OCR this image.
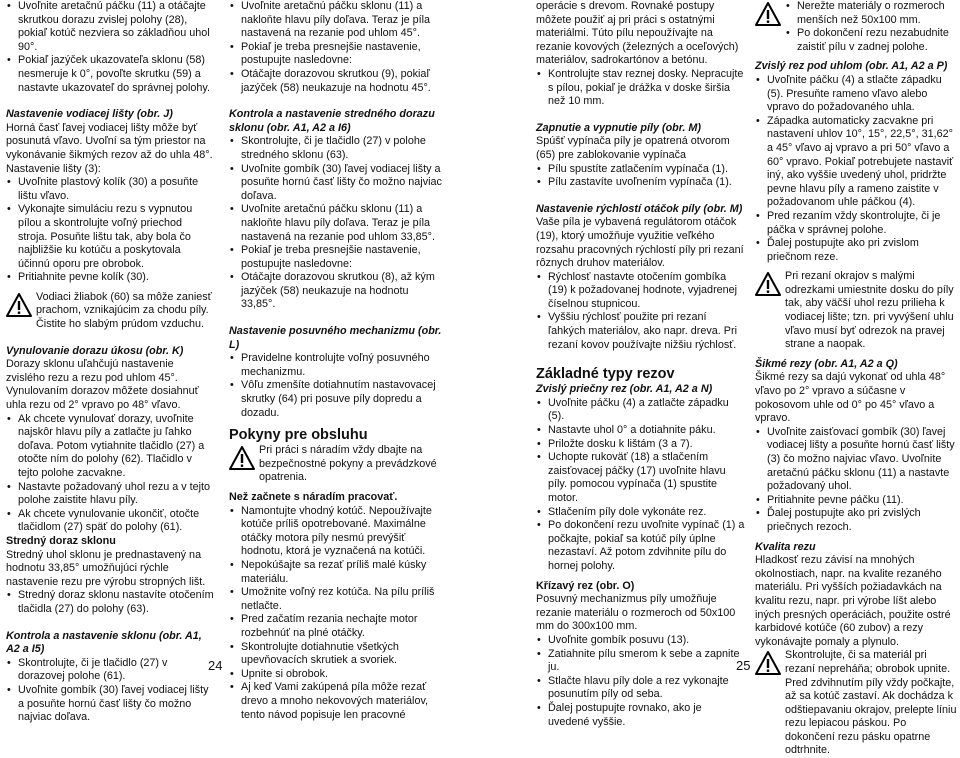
• Uvoľnite aretačnú páčku (11) a otáčajte skrutkou dorazu zvislej polohy (28), pokiaľ kotúč nezviera so základňou uhol 90°.
• Pokiaľ jazýček ukazovateľa sklonu (58) nesmeruje k 0°, povoľte skrutku (59) a nastavte ukazovateľ do správnej polohy.

Nastavenie vodiacej lišty (obr. J)

Horná časť ľavej vodiacej lišty môže byť posunutá vľavo. Uvoľní sa tým priestor na vykonávanie šikmých rezov až do uhla 48°.

Nastavenie lišty (3):

• Uvoľnite plastový kolík (30) a posuňte lištu vľavo.
• Vykonajte simuláciu rezu s vypnutou pílou a skontrolujte voľný priechod stroja. Posuňte lištu tak, aby bola čo najbližšie ku kotúču a poskytovala účinnú oporu pre obrobok.
• Pritiahnite pevne kolík (30).

Vodiaci žliabok (60) sa môže zaniesť prachom, vznikajúcim za chodu píly. Čistite ho slabým prúdom vzduchu.

Vynulovanie dorazu úkosu (obr. K)

Dorazy sklonu uľahčujú nastavenie zvislého rezu a rezu pod uhlom 45°. Vynulovaním dorazov môžete dosiahnuť uhla rezu od 2° vpravo po 48° vľavo.

• Ak chcete vynulovať dorazy, uvoľnite najskôr hlavu píly a zatlačte ju ľahko doľava. Potom vytiahnite tlačidlo (27) a otočte ním do polohy (62). Tlačidlo v tejto polohe zacvakne.
• Nastavte požadovaný uhol rezu a v tejto polohe zaistite hlavu píly.
• Ak chcete vynulovanie ukončiť, otočte tlačidlom (27) späť do polohy (61).

Stredný doraz sklonu

Stredný uhol sklonu je prednastavený na hodnotu 33,85° umožňujúci rýchle nastavenie rezu pre výrobu stropných lišt.

• Stredný doraz sklonu nastavíte otočením tlačidla (27) do polohy (63).

Kontrola a nastavenie sklonu (obr. A1, A2 a I5)

• Skontrolujte, či je tlačidlo (27) v dorazovej polohe (61).
• Uvoľnite gombík (30) ľavej vodiacej lišty a posuňte hornú časť lišty čo možno najviac doľava.
• Uvoľnite aretačnú páčku sklonu (11) a nakloňte hlavu píly doľava. Teraz je píla nastavená na rezanie pod uhlom 45°.
• Pokiaľ je treba presnejšie nastavenie, postupujte nasledovne:
• Otáčajte dorazovou skrutkou (9), pokiaľ jazýček (58) neukazuje na hodnotu 45°.

Kontrola a nastavenie stredného dorazu sklonu (obr. A1, A2 a I6)

• Skontrolujte, či je tlačidlo (27) v polohe stredného sklonu (63).
• Uvoľnite gombík (30) ľavej vodiacej lišty a posuňte hornú časť lišty čo možno najviac doľava.
• Uvoľnite aretačnú páčku sklonu (11) a nakloňte hlavu píly doľava. Teraz je píla nastavená na rezanie pod uhlom 33,85°.
• Pokiaľ je treba presnejšie nastavenie, postupujte nasledovne:
• Otáčajte dorazovou skrutkou (8), až kým jazýček (58) neukazuje na hodnotu 33,85°.

Nastavenie posuvného mechanizmu (obr. L)

• Pravidelne kontrolujte voľný posuvného mechanizmu.
• Vôľu zmenšíte dotiahnutím nastavovacej skrutky (64) pri posuve píly dopredu a dozadu.

Pokyny pre obsluhu

Pri práci s náradím vždy dbajte na bezpečnostné pokyny a prevádzkové opatrenia.

Než začnete s náradím pracovať.

• Namontujte vhodný kotúč. Nepoužívajte kotúče príliš opotrebované. Maximálne otáčky motora píly nesmú prevýšiť hodnotu, ktorá je vyznačená na kotúči.
• Nepokúšajte sa rezať príliš malé kúsky materiálu.
• Umožnite voľný rez kotúča. Na pílu príliš netlačte.
• Pred začatím rezania nechajte motor rozbehnúť na plné otáčky.
• Skontrolujte dotiahnutie všetkých upevňovacích skrutiek a svoriek.
• Upnite si obrobok.
• Aj keď Vami zakúpená píla môže rezať drevo a mnoho nekovových materiálov, tento návod popisuje len pracovné
24

operácie s drevom. Rovnaké postupy môžete použiť aj pri práci s ostatnými materiálmi. Túto pílu nepoužívajte na rezanie kovových (železných a oceľových) materiálov, sadrokartónov a betónu.

• Kontrolujte stav reznej dosky. Nepracujte s pílou, pokiaľ je drážka v doske širšia než 10 mm.

Zapnutie a vypnutie píly (obr. M)

Spúšť vypínača píly je opatrená otvorom (65) pre zablokovanie vypínača

• Pílu spustíte zatlačením vypínača (1).
• Pílu zastavíte uvoľnením vypínača (1).

Nastavenie rýchlostí otáčok píly (obr. M)

Vaše píla je vybavená regulátorom otáčok (19), ktorý umožňuje využitie veľkého rozsahu pracovných rýchlostí píly pri rezaní rôznych druhov materiálov.

• Rýchlosť nastavte otočením gombíka (19) k požadovanej hodnote, vyjadrenej číselnou stupnicou.
• Vyššiu rýchlosť použite pri rezaní ľahkých materiálov, ako napr. dreva. Pri rezaní kovov používajte nižšiu rýchlosť.

Základné typy rezov

Zvislý priečny rez (obr. A1, A2 a N)

• Uvoľnite páčku (4) a zatlačte západku (5).
• Nastavte uhol 0° a dotiahnite páku.
• Priložte dosku k lištám (3 a 7).
• Uchopte rukoväť (18) a stlačením zaisťovacej páčky (17) uvoľnite hlavu píly. pomocou vypínača (1) spustite motor.
• Stlačením píly dole vykonáte rez.
• Po dokončení rezu uvoľnite vypínač (1) a počkajte, pokiaľ sa kotúč píly úplne nezastaví. Až potom zdvihnite pílu do hornej polohy.

Křízavý rez (obr. O)

Posuvný mechanizmus píly umožňuje rezanie materiálu o rozmeroch od 50x100 mm do 300x100 mm.

• Uvoľnite gombík posuvu (13).
• Zatiahnite pílu smerom k sebe a zapnite ju.
• Stlačte hlavu píly dole a rez vykonajte posunutím píly od seba.
• Ďalej postupujte rovnako, ako je uvedené vyššie.
• Nerežte materiály o rozmeroch menších než 50x100 mm.
• Po dokončení rezu nezabudnite zaistiť pílu v zadnej polohe.

Zvislý rez pod uhlom (obr. A1, A2 a P)

• Uvoľnite páčku (4) a stlačte západku (5). Presuňte rameno vľavo alebo vpravo do požadovaného uhla.
• Západka automaticky zacvakne pri nastavení uhlov 10°, 15°, 22,5°, 31,62° a 45° vľavo aj vpravo a pri 50° vľavo a 60° vpravo. Pokiaľ potrebujete nastaviť iný, ako vyššie uvedený uhol, pridržte pevne hlavu píly a rameno zaistite v požadovanom uhle páčkou (4).
• Pred rezaním vždy skontrolujte, či je páčka v správnej polohe.
• Ďalej postupujte ako pri zvislom priečnom reze.

Pri rezaní okrajov s malými odrezkami umiestnite dosku do píly tak, aby väčší uhol rezu prilieha k vodiacej lište; tzn. pri vyvýšení uhlu vľavo musí byť odrezok na pravej strane a naopak.

Šikmé rezy (obr. A1, A2 a Q)

Šikmé rezy sa dajú vykonať od uhla 48° vľavo po 2° vpravo a súčasne v pokosovom uhle od 0° po 45° vľavo a vpravo.

• Uvoľnite zaisťovací gombík (30) ľavej vodiacej lišty a posuňte hornú časť lišty (3) čo možno najviac vľavo. Uvoľnite aretačnú páčku sklonu (11) a nastavte požadovaný uhol.
• Pritiahnite pevne páčku (11).
• Ďalej postupujte ako pri zvislých priečnych rezoch.

Kvalita rezu

Hladkosť rezu závisí na mnohých okolnostiach, napr. na kvalite rezaného materiálu. Pri vyšších požiadavkách na kvalitu rezu, napr. pri výrobe líšt alebo iných presných operáciách, použite ostré karbidové kotúče (60 zubov) a rezy vykonávajte pomaly a plynulo.

Skontrolujte, či sa materiál pri rezaní nepreháňa; obrobok upnite. Pred zdvihnutím píly vždy počkajte, až sa kotúč zastaví. Ak dochádza k odštiepavaniu okrajov, prelepte líniu rezu lepiacou páskou. Po dokončení rezu pásku opatrne odtrhnite.

25
